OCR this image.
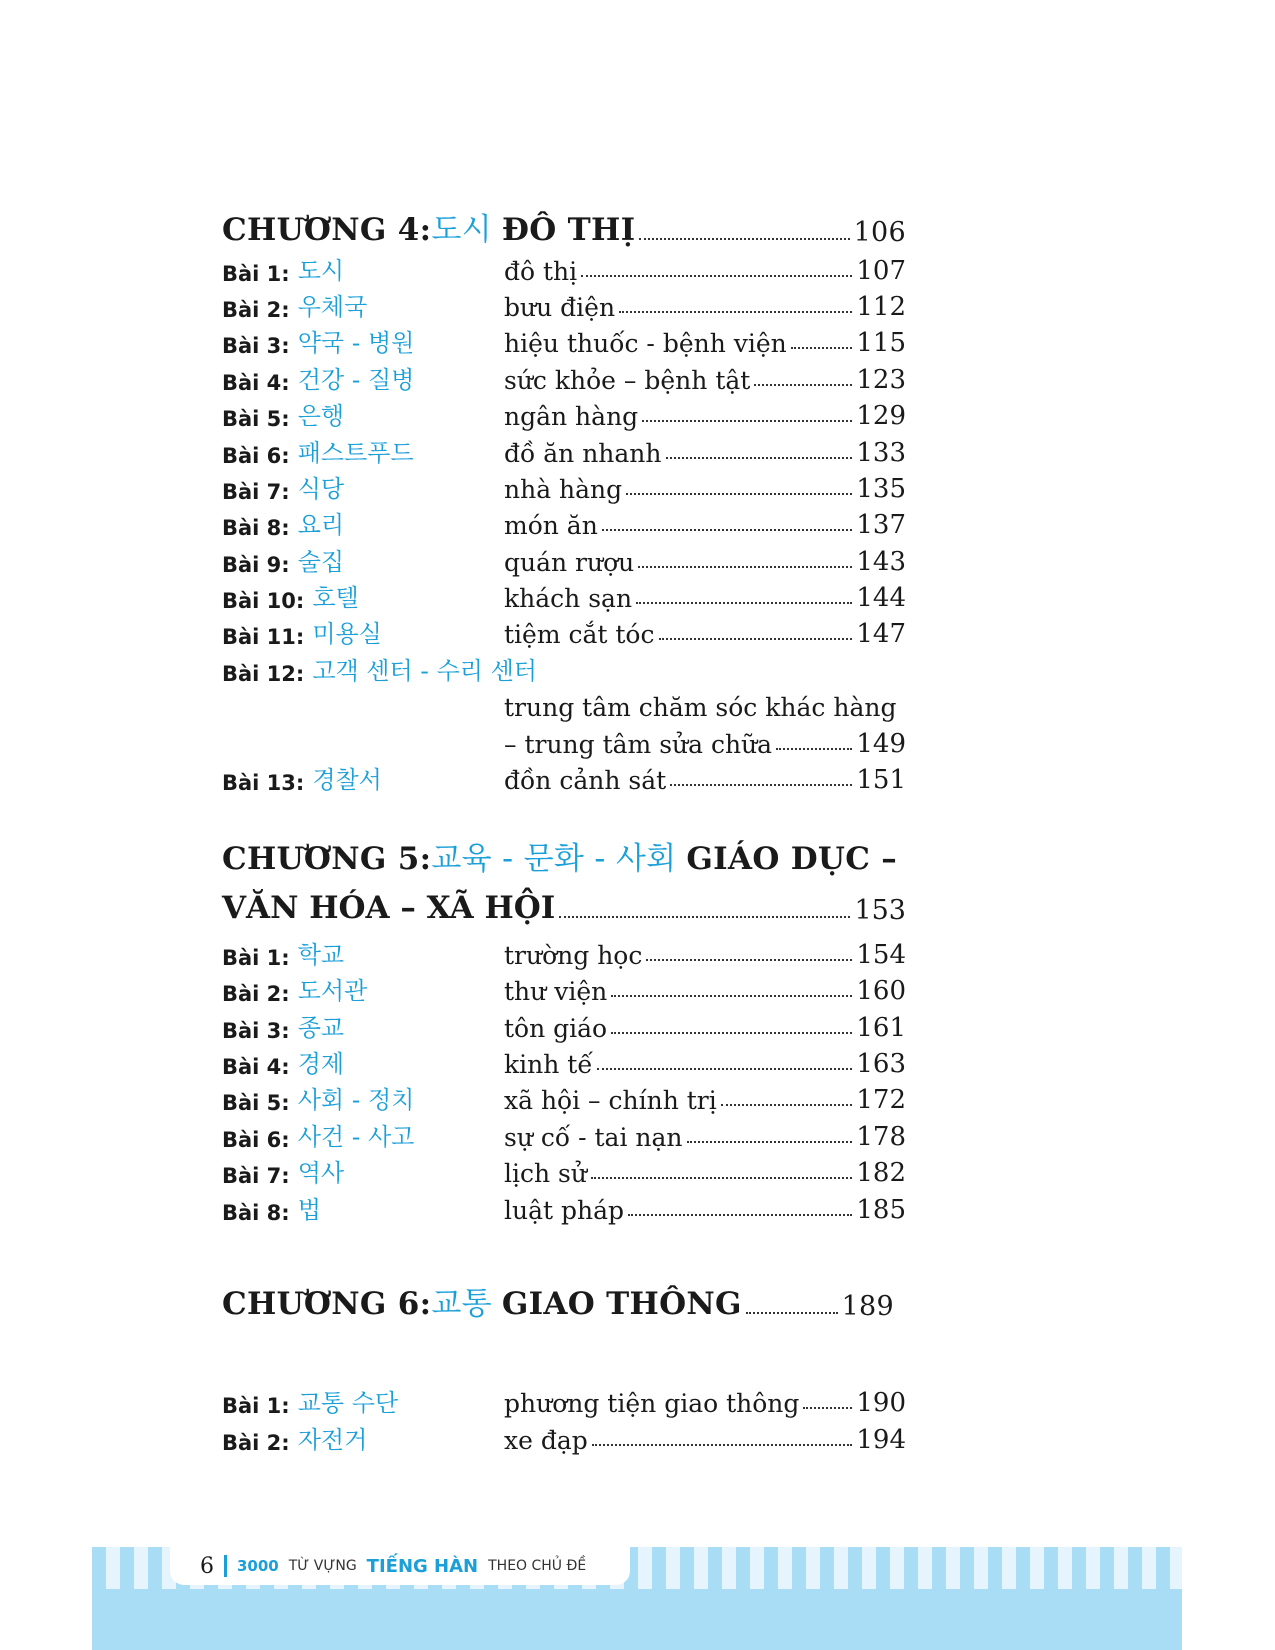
CHƯƠNG 4: 도시 ĐÔ THỊ	106
Bài 1: 도시	đô thị	107
Bài 2: 우체국	bưu điện	112
Bài 3: 약국 - 병원	hiệu thuốc - bệnh viện	115
Bài 4: 건강 - 질병	sức khỏe – bệnh tật	123
Bài 5: 은행	ngân hàng	129
Bài 6: 패스트푸드	đồ ăn nhanh	133
Bài 7: 식당	nhà hàng	135
Bài 8: 요리	món ăn	137
Bài 9: 술집	quán rượu	143
Bài 10: 호텔	khách sạn	144
Bài 11: 미용실	tiệm cắt tóc	147
Bài 12: 고객 센터 - 수리 센터
trung tâm chăm sóc khác hàng
– trung tâm sửa chữa	149
Bài 13: 경찰서	đồn cảnh sát	151
CHƯƠNG 5: 교육 - 문화 - 사회 GIÁO DỤC –
VĂN HÓA – XÃ HỘI	153
Bài 1: 학교	trường học	154
Bài 2: 도서관	thư viện	160
Bài 3: 종교	tôn giáo	161
Bài 4: 경제	kinh tế	163
Bài 5: 사회 - 정치	xã hội – chính trị	172
Bài 6: 사건 - 사고	sự cố - tai nạn	178
Bài 7: 역사	lịch sử	182
Bài 8: 법	luật pháp	185
CHƯƠNG 6: 교통 GIAO THÔNG	189
Bài 1: 교통 수단	phương tiện giao thông 190
Bài 2: 자전거	xe đạp	194
6 3000 TỪ VỰNG TIẾNG HÀN THEO CHỦ ĐỀ
